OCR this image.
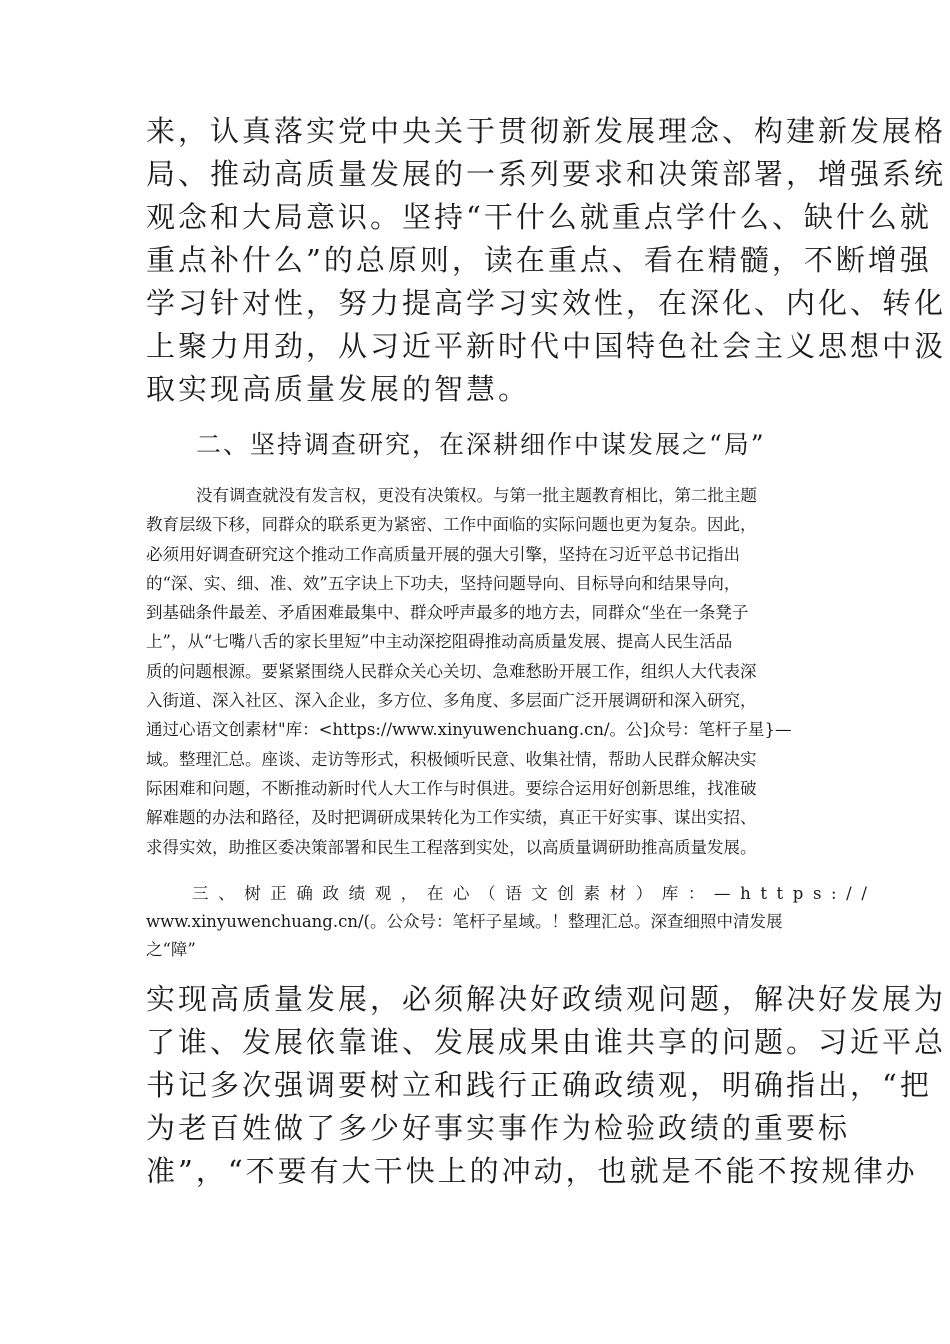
来，认真落实党中央关于贯彻新发展理念、构建新发展格
局、推动高质量发展的一系列要求和决策部署，增强系统
观念和大局意识。坚持“干什么就重点学什么、缺什么就
重点补什么”的总原则，读在重点、看在精髓，不断增强
学习针对性，努力提高学习实效性，在深化、内化、转化
上聚力用劲，从习近平新时代中国特色社会主义思想中汲
取实现高质量发展的智慧。
二、坚持调查研究，在深耕细作中谋发展之“局”
没有调查就没有发言权，更没有决策权。与第一批主题教育相比，第二批主题
教育层级下移，同群众的联系更为紧密、工作中面临的实际问题也更为复杂。因此，
必须用好调查研究这个推动工作高质量开展的强大引擎，坚持在习近平总书记指出
的“深、实、细、准、效”五字诀上下功夫，坚持问题导向、目标导向和结果导向，
到基础条件最差、矛盾困难最集中、群众呼声最多的地方去，同群众“坐在一条凳子
上”，从“七嘴八舌的家长里短”中主动深挖阻碍推动高质量发展、提高人民生活品
质的问题根源。要紧紧围绕人民群众关心关切、急难愁盼开展工作，组织人大代表深
入街道、深入社区、深入企业，多方位、多角度、多层面广泛开展调研和深入研究，
通过心语文创素材"库：<https://www.xinyuwenchuang.cn/。公]众号：笔杆子星}—
域。整理汇总。座谈、走访等形式，积极倾听民意、收集社情，帮助人民群众解决实
际困难和问题，不断推动新时代人大工作与时俱进。要综合运用好创新思维，找准破
解难题的办法和路径，及时把调研成果转化为工作实绩，真正干好实事、谋出实招、
求得实效，助推区委决策部署和民生工程落到实处，以高质量调研助推高质量发展。
三、树正确政绩观，在心（语文创素材）库：—https://
www.xinyuwenchuang.cn/(。公众号：笔杆子星域。！整理汇总。深查细照中清发展
之“障”
实现高质量发展，必须解决好政绩观问题，解决好发展为
了谁、发展依靠谁、发展成果由谁共享的问题。习近平总
书记多次强调要树立和践行正确政绩观，明确指出，“把
为老百姓做了多少好事实事作为检验政绩的重要标
准”，“不要有大干快上的冲动，也就是不能不按规律办
